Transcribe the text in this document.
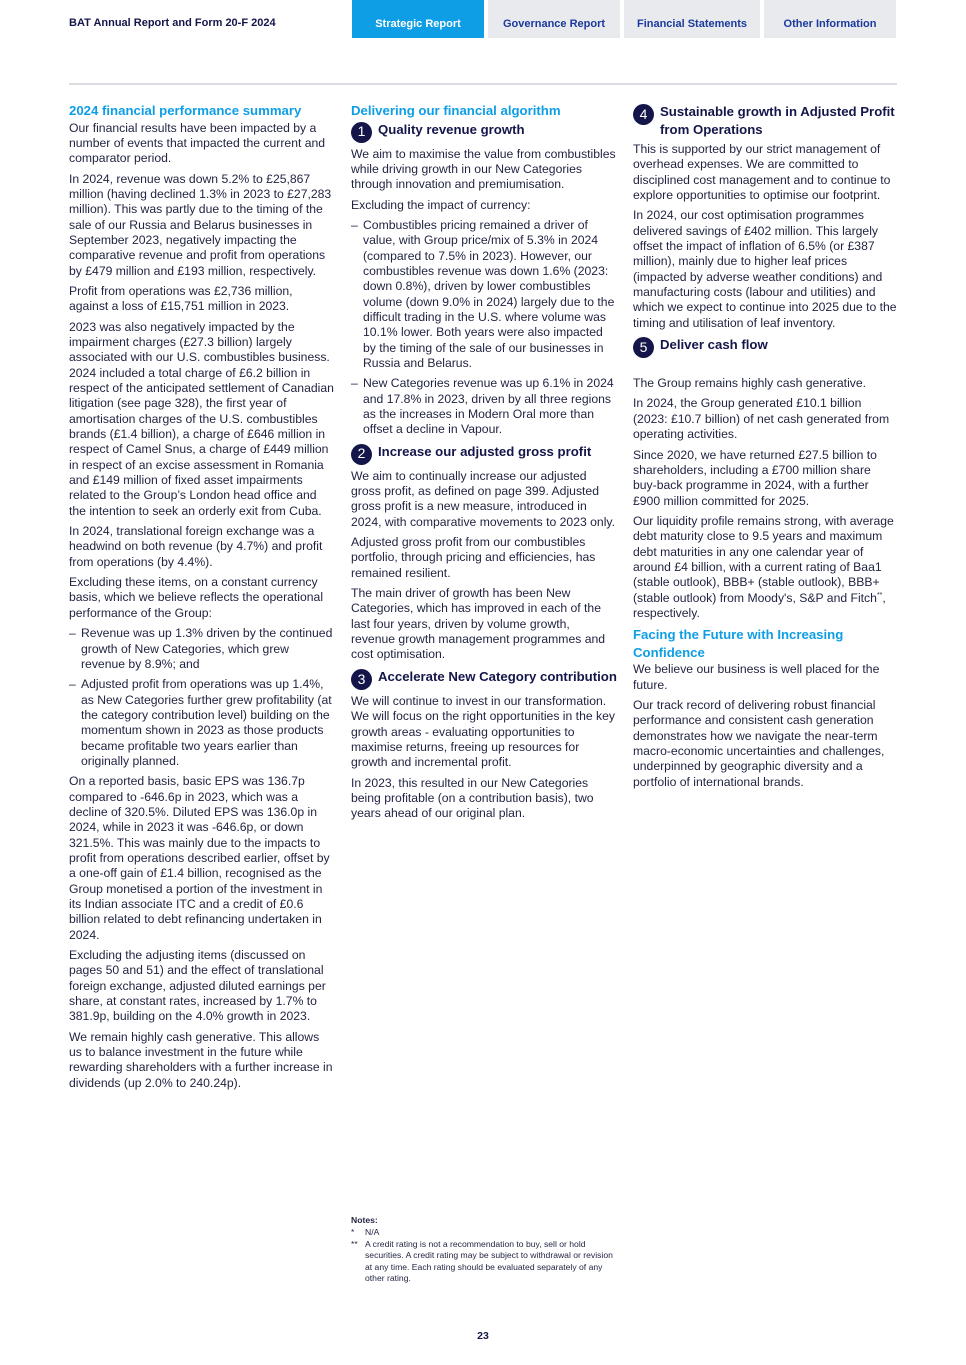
BAT Annual Report and Form 20-F 2024	Strategic Report	Governance Report	Financial Statements	Other Information
2024 financial performance summary

Our financial results have been impacted by a number of events that impacted the current and comparator period.

In 2024, revenue was down 5.2% to £25,867 million (having declined 1.3% in 2023 to £27,283 million). This was partly due to the timing of the sale of our Russia and Belarus businesses in September 2023, negatively impacting the comparative revenue and profit from operations by £479 million and £193 million, respectively.

Profit from operations was £2,736 million, against a loss of £15,751 million in 2023.

2023 was also negatively impacted by the impairment charges (£27.3 billion) largely associated with our U.S. combustibles business. 2024 included a total charge of £6.2 billion in respect of the anticipated settlement of Canadian litigation (see page 328), the first year of amortisation charges of the U.S. combustibles brands (£1.4 billion), a charge of £646 million in respect of Camel Snus, a charge of £449 million in respect of an excise assessment in Romania and £149 million of fixed asset impairments related to the Group’s London head office and the intention to seek an orderly exit from Cuba.

In 2024, translational foreign exchange was a headwind on both revenue (by 4.7%) and profit from operations (by 4.4%).

Excluding these items, on a constant currency basis, which we believe reflects the operational performance of the Group:

– Revenue was up 1.3% driven by the continued growth of New Categories, which grew revenue by 8.9%; and
– Adjusted profit from operations was up 1.4%, as New Categories further grew profitability (at the category contribution level) building on the momentum shown in 2023 as those products became profitable two years earlier than originally planned.

On a reported basis, basic EPS was 136.7p compared to -646.6p in 2023, which was a decline of 320.5%. Diluted EPS was 136.0p in 2024, while in 2023 it was -646.6p, or down 321.5%. This was mainly due to the impacts to profit from operations described earlier, offset by a one-off gain of £1.4 billion, recognised as the Group monetised a portion of the investment in its Indian associate ITC and a credit of £0.6 billion related to debt refinancing undertaken in 2024.

Excluding the adjusting items (discussed on pages 50 and 51) and the effect of translational foreign exchange, adjusted diluted earnings per share, at constant rates, increased by 1.7% to 381.9p, building on the 4.0% growth in 2023.

We remain highly cash generative. This allows us to balance investment in the future while rewarding shareholders with a further increase in dividends (up 2.0% to 240.24p).

Delivering our financial algorithm
1 Quality revenue growth

We aim to maximise the value from combustibles while driving growth in our New Categories through innovation and premiumisation.

Excluding the impact of currency:

– Combustibles pricing remained a driver of value, with Group price/mix of 5.3% in 2024 (compared to 7.5% in 2023). However, our combustibles revenue was down 1.6% (2023: down 0.8%), driven by lower combustibles volume (down 9.0% in 2024) largely due to the difficult trading in the U.S. where volume was 10.1% lower. Both years were also impacted by the timing of the sale of our businesses in Russia and Belarus.
– New Categories revenue was up 6.1% in 2024 and 17.8% in 2023, driven by all three regions as the increases in Modern Oral more than offset a decline in Vapour.
2 Increase our adjusted gross profit

We aim to continually increase our adjusted gross profit, as defined on page 399. Adjusted gross profit is a new measure, introduced in 2024, with comparative movements to 2023 only.

Adjusted gross profit from our combustibles portfolio, through pricing and efficiencies, has remained resilient.

The main driver of growth has been New Categories, which has improved in each of the last four years, driven by volume growth, revenue growth management programmes and cost optimisation.

3 Accelerate New Category contribution

We will continue to invest in our transformation. We will focus on the right opportunities in the key growth areas - evaluating opportunities to maximise returns, freeing up resources for growth and incremental profit.

In 2023, this resulted in our New Categories being profitable (on a contribution basis), two years ahead of our original plan.

4 Sustainable growth in Adjusted Profit from Operations

This is supported by our strict management of overhead expenses. We are committed to disciplined cost management and to continue to explore opportunities to optimise our footprint.

In 2024, our cost optimisation programmes delivered savings of £402 million. This largely offset the impact of inflation of 6.5% (or £387 million), mainly due to higher leaf prices (impacted by adverse weather conditions) and manufacturing costs (labour and utilities) and which we expect to continue into 2025 due to the timing and utilisation of leaf inventory.

5 Deliver cash flow

The Group remains highly cash generative.

In 2024, the Group generated £10.1 billion (2023: £10.7 billion) of net cash generated from operating activities.

Since 2020, we have returned £27.5 billion to shareholders, including a £700 million share buy-back programme in 2024, with a further £900 million committed for 2025.

Our liquidity profile remains strong, with average debt maturity close to 9.5 years and maximum debt maturities in any one calendar year of around £4 billion, with a current rating of Baa1 (stable outlook), BBB+ (stable outlook), BBB+ (stable outlook) from Moody's, S&P and Fitch**, respectively.

Facing the Future with Increasing Confidence

We believe our business is well placed for the future.

Our track record of delivering robust financial performance and consistent cash generation demonstrates how we navigate the near-term macro-economic uncertainties and challenges, underpinned by geographic diversity and a portfolio of international brands.

Notes:
*	N/A
** A credit rating is not a recommendation to buy, sell or hold securities. A credit rating may be subject to withdrawal or revision at any time. Each rating should be evaluated separately of any other rating.
23
